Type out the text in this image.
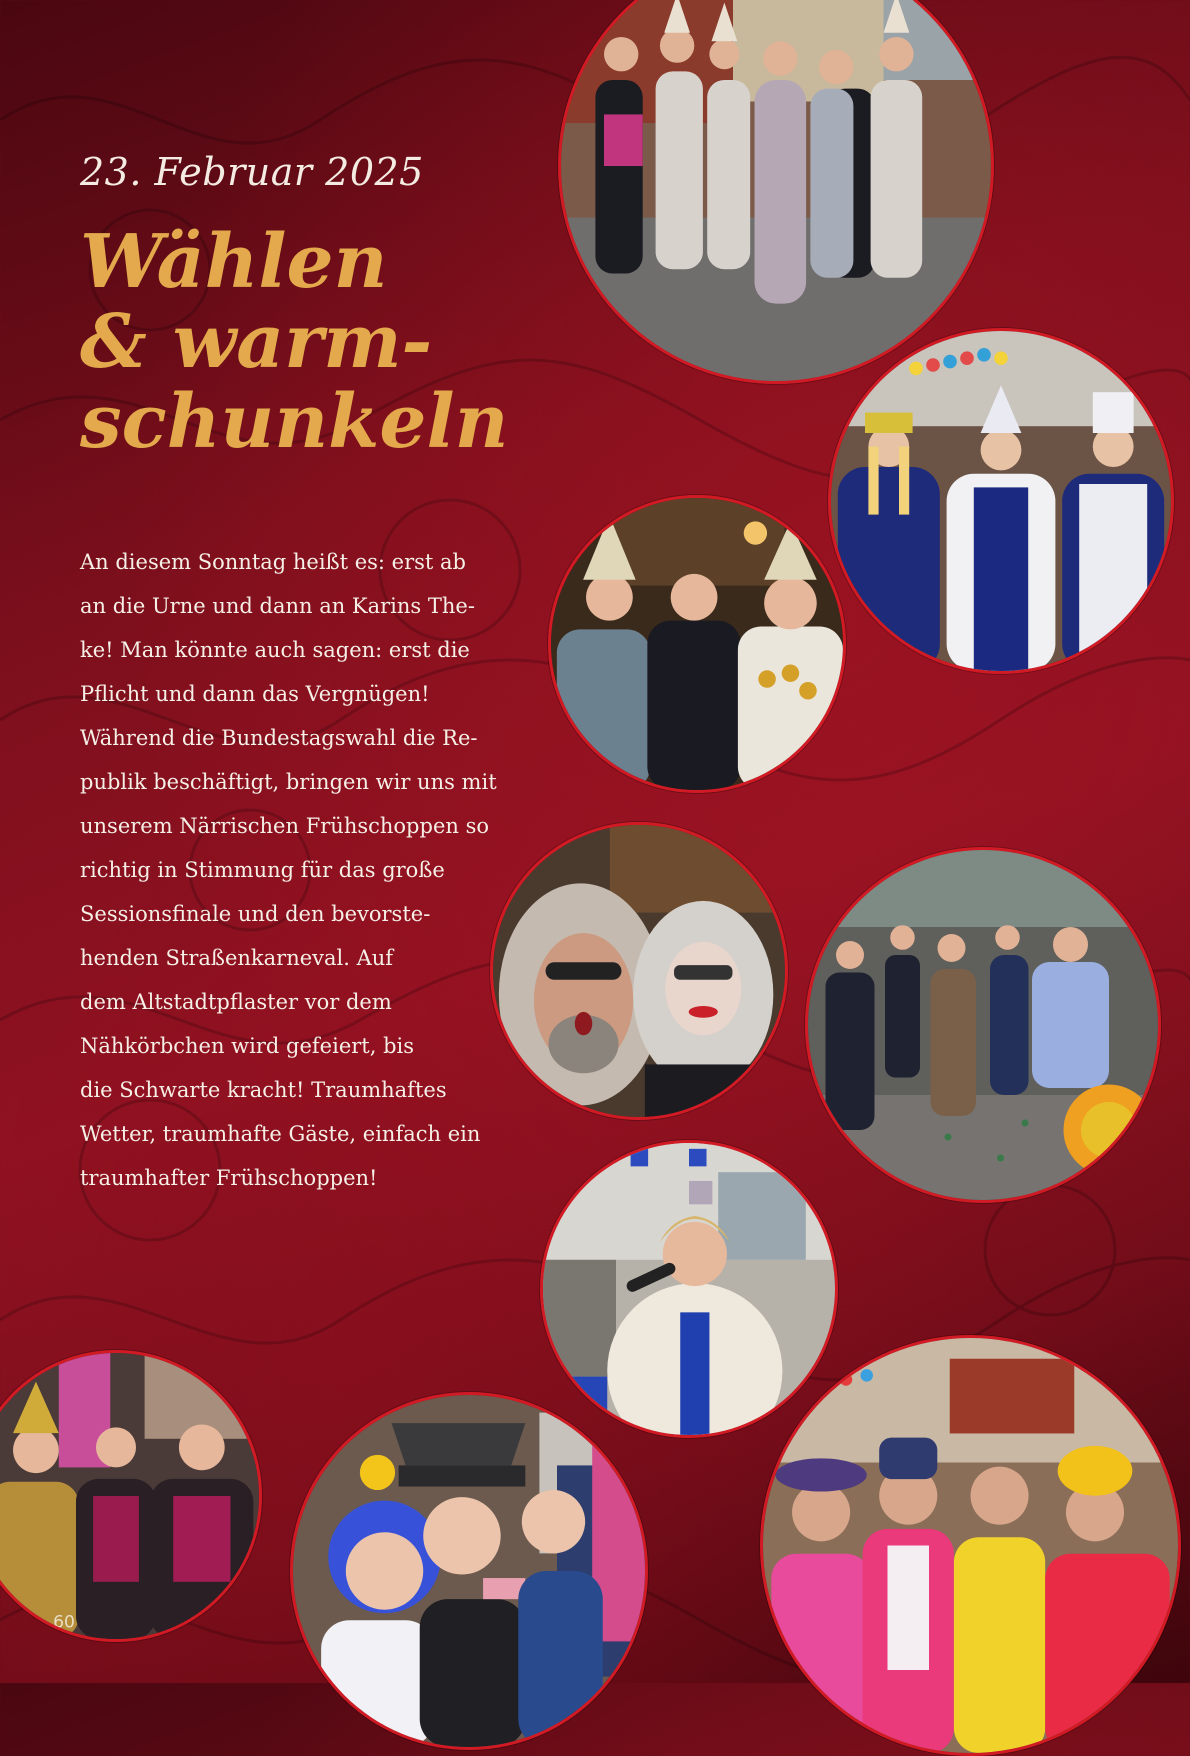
23. Februar 2025
Wählen
& warm-
schunkeln
An diesem Sonntag heißt es: erst ab
an die Urne und dann an Karins The-
ke! Man könnte auch sagen: erst die
Pflicht und dann das Vergnügen!
Während die Bundestagswahl die Re-
publik beschäftigt, bringen wir uns mit
unserem Närrischen Frühschoppen so
richtig in Stimmung für das große
Sessionsfinale und den bevorste-
henden Straßenkarneval. Auf
dem Altstadtpflaster vor dem
Nähkörbchen wird gefeiert, bis
die Schwarte kracht! Traumhaftes
Wetter, traumhafte Gäste, einfach ein
traumhafter Frühschoppen!
60
